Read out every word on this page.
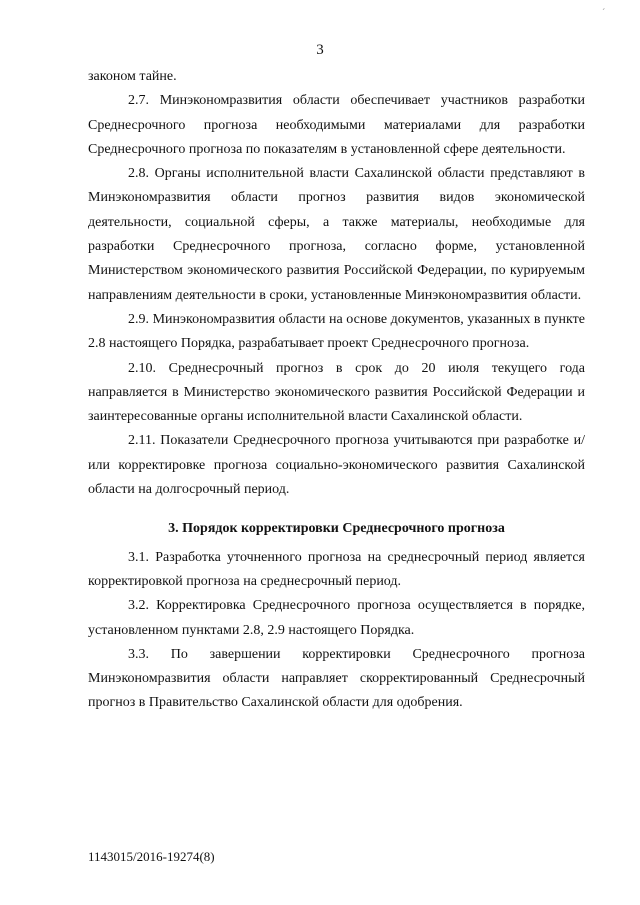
3
´

законом тайне.

2.7. Минэкономразвития области обеспечивает участников разработки Среднесрочного прогноза необходимыми материалами для разработки Среднесрочного прогноза по показателям в установленной сфере деятельности.

2.8. Органы исполнительной власти Сахалинской области представляют в Минэкономразвития области прогноз развития видов экономической деятельности, социальной сферы, а также материалы, необходимые для разработки Среднесрочного прогноза, согласно форме, установленной Министерством экономического развития Российской Федерации, по курируемым направлениям деятельности в сроки, установленные Минэкономразвития области.

2.9. Минэкономразвития области на основе документов, указанных в пункте 2.8 настоящего Порядка, разрабатывает проект Среднесрочного прогноза.

2.10. Среднесрочный прогноз в срок до 20 июля текущего года направляется в Министерство экономического развития Российской Федерации и заинтересованные органы исполнительной власти Сахалинской области.

2.11. Показатели Среднесрочного прогноза учитываются при разработке и/или корректировке прогноза социально-экономического развития Сахалинской области на долгосрочный период.

3. Порядок корректировки Среднесрочного прогноза

3.1. Разработка уточненного прогноза на среднесрочный период является корректировкой прогноза на среднесрочный период.

3.2. Корректировка Среднесрочного прогноза осуществляется в порядке, установленном пунктами 2.8, 2.9 настоящего Порядка.

3.3. По завершении корректировки Среднесрочного прогноза Минэкономразвития области направляет скорректированный Среднесрочный прогноз в Правительство Сахалинской области для одобрения.

1143015/2016-19274(8)
